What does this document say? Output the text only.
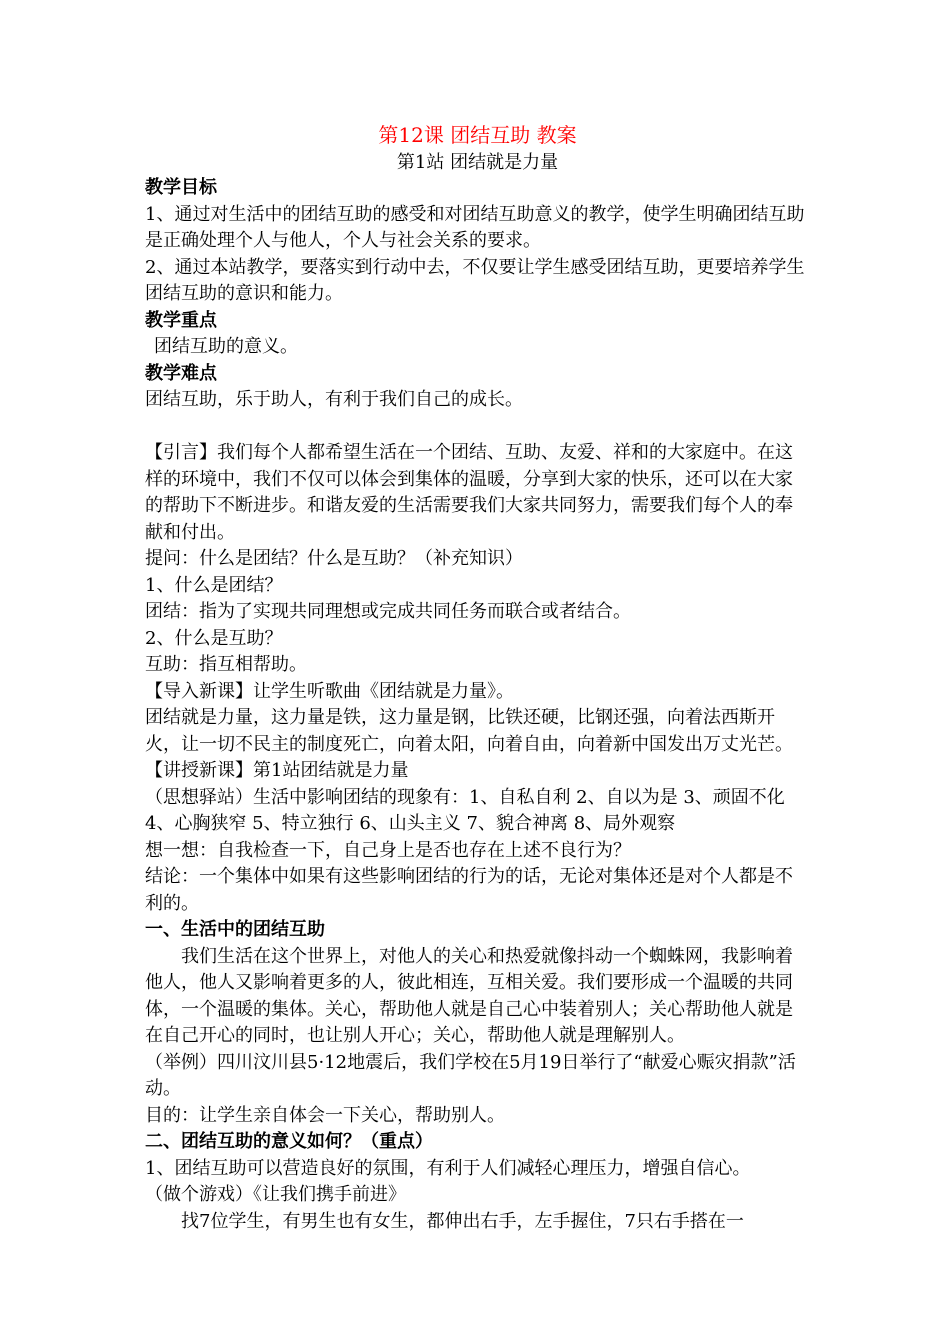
第12课 团结互助 教案
第1站 团结就是力量
教学目标

1、通过对生活中的团结互助的感受和对团结互助意义的教学，使学生明确团结互助是正确处理个人与他人，个人与社会关系的要求。

2、通过本站教学，要落实到行动中去，不仅要让学生感受团结互助，更要培养学生团结互助的意识和能力。

教学重点

团结互助的意义。

教学难点

团结互助，乐于助人，有利于我们自己的成长。

【引言】我们每个人都希望生活在一个团结、互助、友爱、祥和的大家庭中。在这样的环境中，我们不仅可以体会到集体的温暖，分享到大家的快乐，还可以在大家的帮助下不断进步。和谐友爱的生活需要我们大家共同努力，需要我们每个人的奉献和付出。

提问：什么是团结？什么是互助？（补充知识）

1、什么是团结？

团结：指为了实现共同理想或完成共同任务而联合或者结合。

2、什么是互助？

互助：指互相帮助。

【导入新课】让学生听歌曲《团结就是力量》。

团结就是力量，这力量是铁，这力量是钢，比铁还硬，比钢还强，向着法西斯开火，让一切不民主的制度死亡，向着太阳，向着自由，向着新中国发出万丈光芒。

【讲授新课】第1站团结就是力量

（思想驿站）生活中影响团结的现象有：1、自私自利 2、自以为是 3、顽固不化 4、心胸狭窄 5、特立独行 6、山头主义 7、貌合神离 8、局外观察

想一想：自我检查一下，自己身上是否也存在上述不良行为？

结论：一个集体中如果有这些影响团结的行为的话，无论对集体还是对个人都是不利的。

一、生活中的团结互助

我们生活在这个世界上，对他人的关心和热爱就像抖动一个蜘蛛网，我影响着他人，他人又影响着更多的人，彼此相连，互相关爱。我们要形成一个温暖的共同体，一个温暖的集体。关心，帮助他人就是自己心中装着别人；关心帮助他人就是在自己开心的同时，也让别人开心；关心，帮助他人就是理解别人。

（举例）四川汶川县5·12地震后，我们学校在5月19日举行了“献爱心赈灾捐款”活动。

目的：让学生亲自体会一下关心，帮助别人。

二、团结互助的意义如何？（重点）

1、团结互助可以营造良好的氛围，有利于人们减轻心理压力，增强自信心。

（做个游戏）《让我们携手前进》

找7位学生，有男生也有女生，都伸出右手，左手握住，7只右手搭在一
